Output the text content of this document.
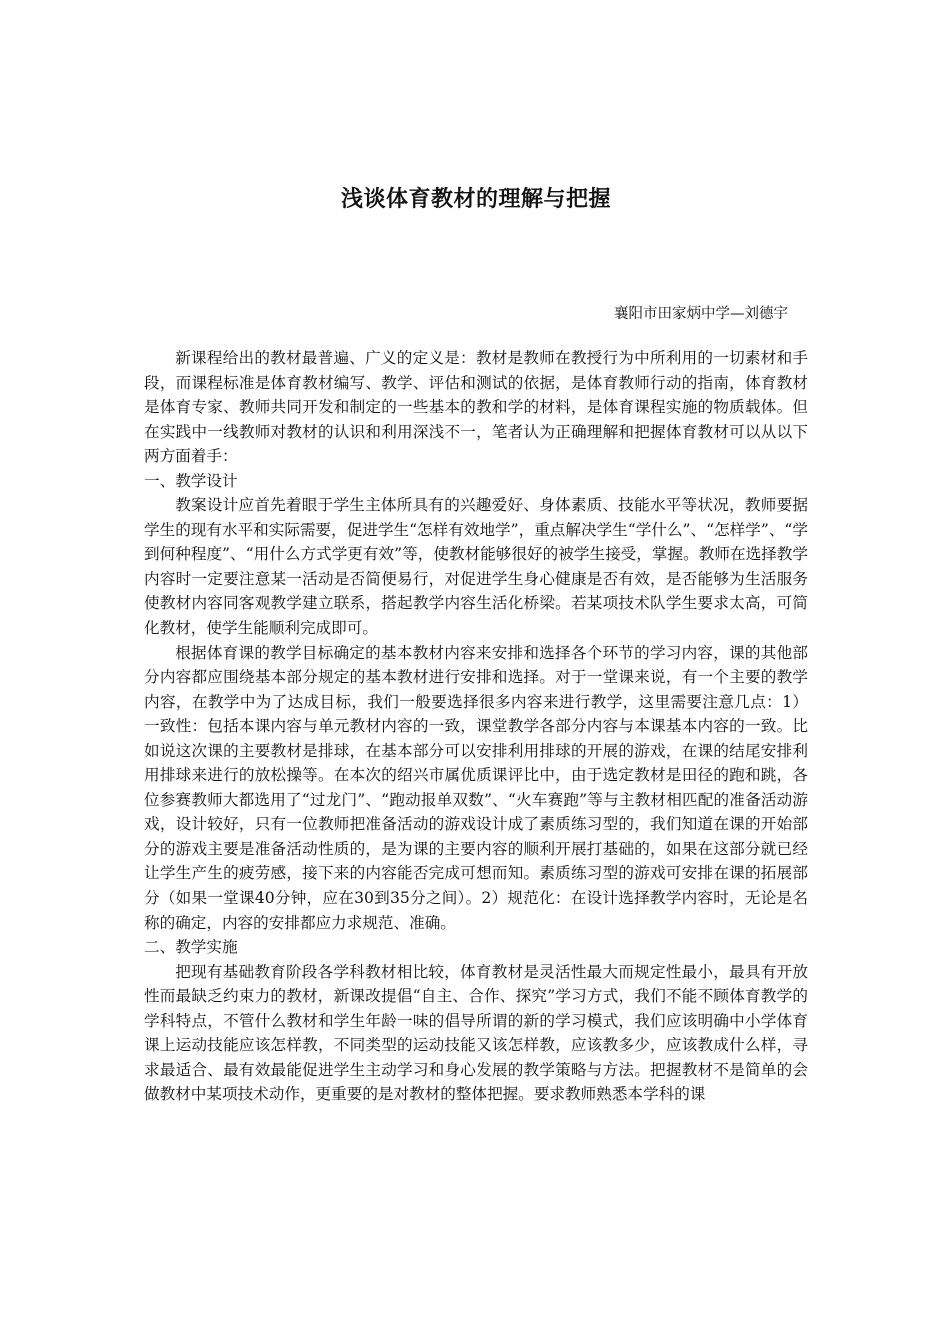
浅谈体育教材的理解与把握

襄阳市田家炳中学—刘德宇

新课程给出的教材最普遍、广义的定义是：教材是教师在教授行为中所利用的一切素材和手段，而课程标准是体育教材编写、教学、评估和测试的依据，是体育教师行动的指南，体育教材是体育专家、教师共同开发和制定的一些基本的教和学的材料，是体育课程实施的物质载体。但在实践中一线教师对教材的认识和利用深浅不一，笔者认为正确理解和把握体育教材可以从以下两方面着手：

一、教学设计

教案设计应首先着眼于学生主体所具有的兴趣爱好、身体素质、技能水平等状况，教师要据学生的现有水平和实际需要，促进学生“怎样有效地学”，重点解决学生“学什么”、“怎样学”、“学到何种程度”、“用什么方式学更有效”等，使教材能够很好的被学生接受，掌握。教师在选择教学内容时一定要注意某一活动是否简便易行，对促进学生身心健康是否有效，是否能够为生活服务使教材内容同客观教学建立联系，搭起教学内容生活化桥梁。若某项技术队学生要求太高，可简化教材，使学生能顺利完成即可。

根据体育课的教学目标确定的基本教材内容来安排和选择各个环节的学习内容，课的其他部分内容都应围绕基本部分规定的基本教材进行安排和选择。对于一堂课来说，有一个主要的教学内容，在教学中为了达成目标，我们一般要选择很多内容来进行教学，这里需要注意几点：1）一致性：包括本课内容与单元教材内容的一致，课堂教学各部分内容与本课基本内容的一致。比如说这次课的主要教材是排球，在基本部分可以安排利用排球的开展的游戏，在课的结尾安排利用排球来进行的放松操等。在本次的绍兴市属优质课评比中，由于选定教材是田径的跑和跳，各位参赛教师大都选用了“过龙门”、“跑动报单双数”、“火车赛跑”等与主教材相匹配的准备活动游戏，设计较好，只有一位教师把准备活动的游戏设计成了素质练习型的，我们知道在课的开始部分的游戏主要是准备活动性质的，是为课的主要内容的顺利开展打基础的，如果在这部分就已经让学生产生的疲劳感，接下来的内容能否完成可想而知。素质练习型的游戏可安排在课的拓展部分（如果一堂课40分钟，应在30到35分之间）。2）规范化：在设计选择教学内容时，无论是名称的确定，内容的安排都应力求规范、准确。

二、教学实施

把现有基础教育阶段各学科教材相比较，体育教材是灵活性最大而规定性最小，最具有开放性而最缺乏约束力的教材，新课改提倡“自主、合作、探究”学习方式，我们不能不顾体育教学的学科特点，不管什么教材和学生年龄一味的倡导所谓的新的学习模式，我们应该明确中小学体育课上运动技能应该怎样教，不同类型的运动技能又该怎样教，应该教多少，应该教成什么样，寻求最适合、最有效最能促进学生主动学习和身心发展的教学策略与方法。把握教材不是简单的会做教材中某项技术动作，更重要的是对教材的整体把握。要求教师熟悉本学科的课
